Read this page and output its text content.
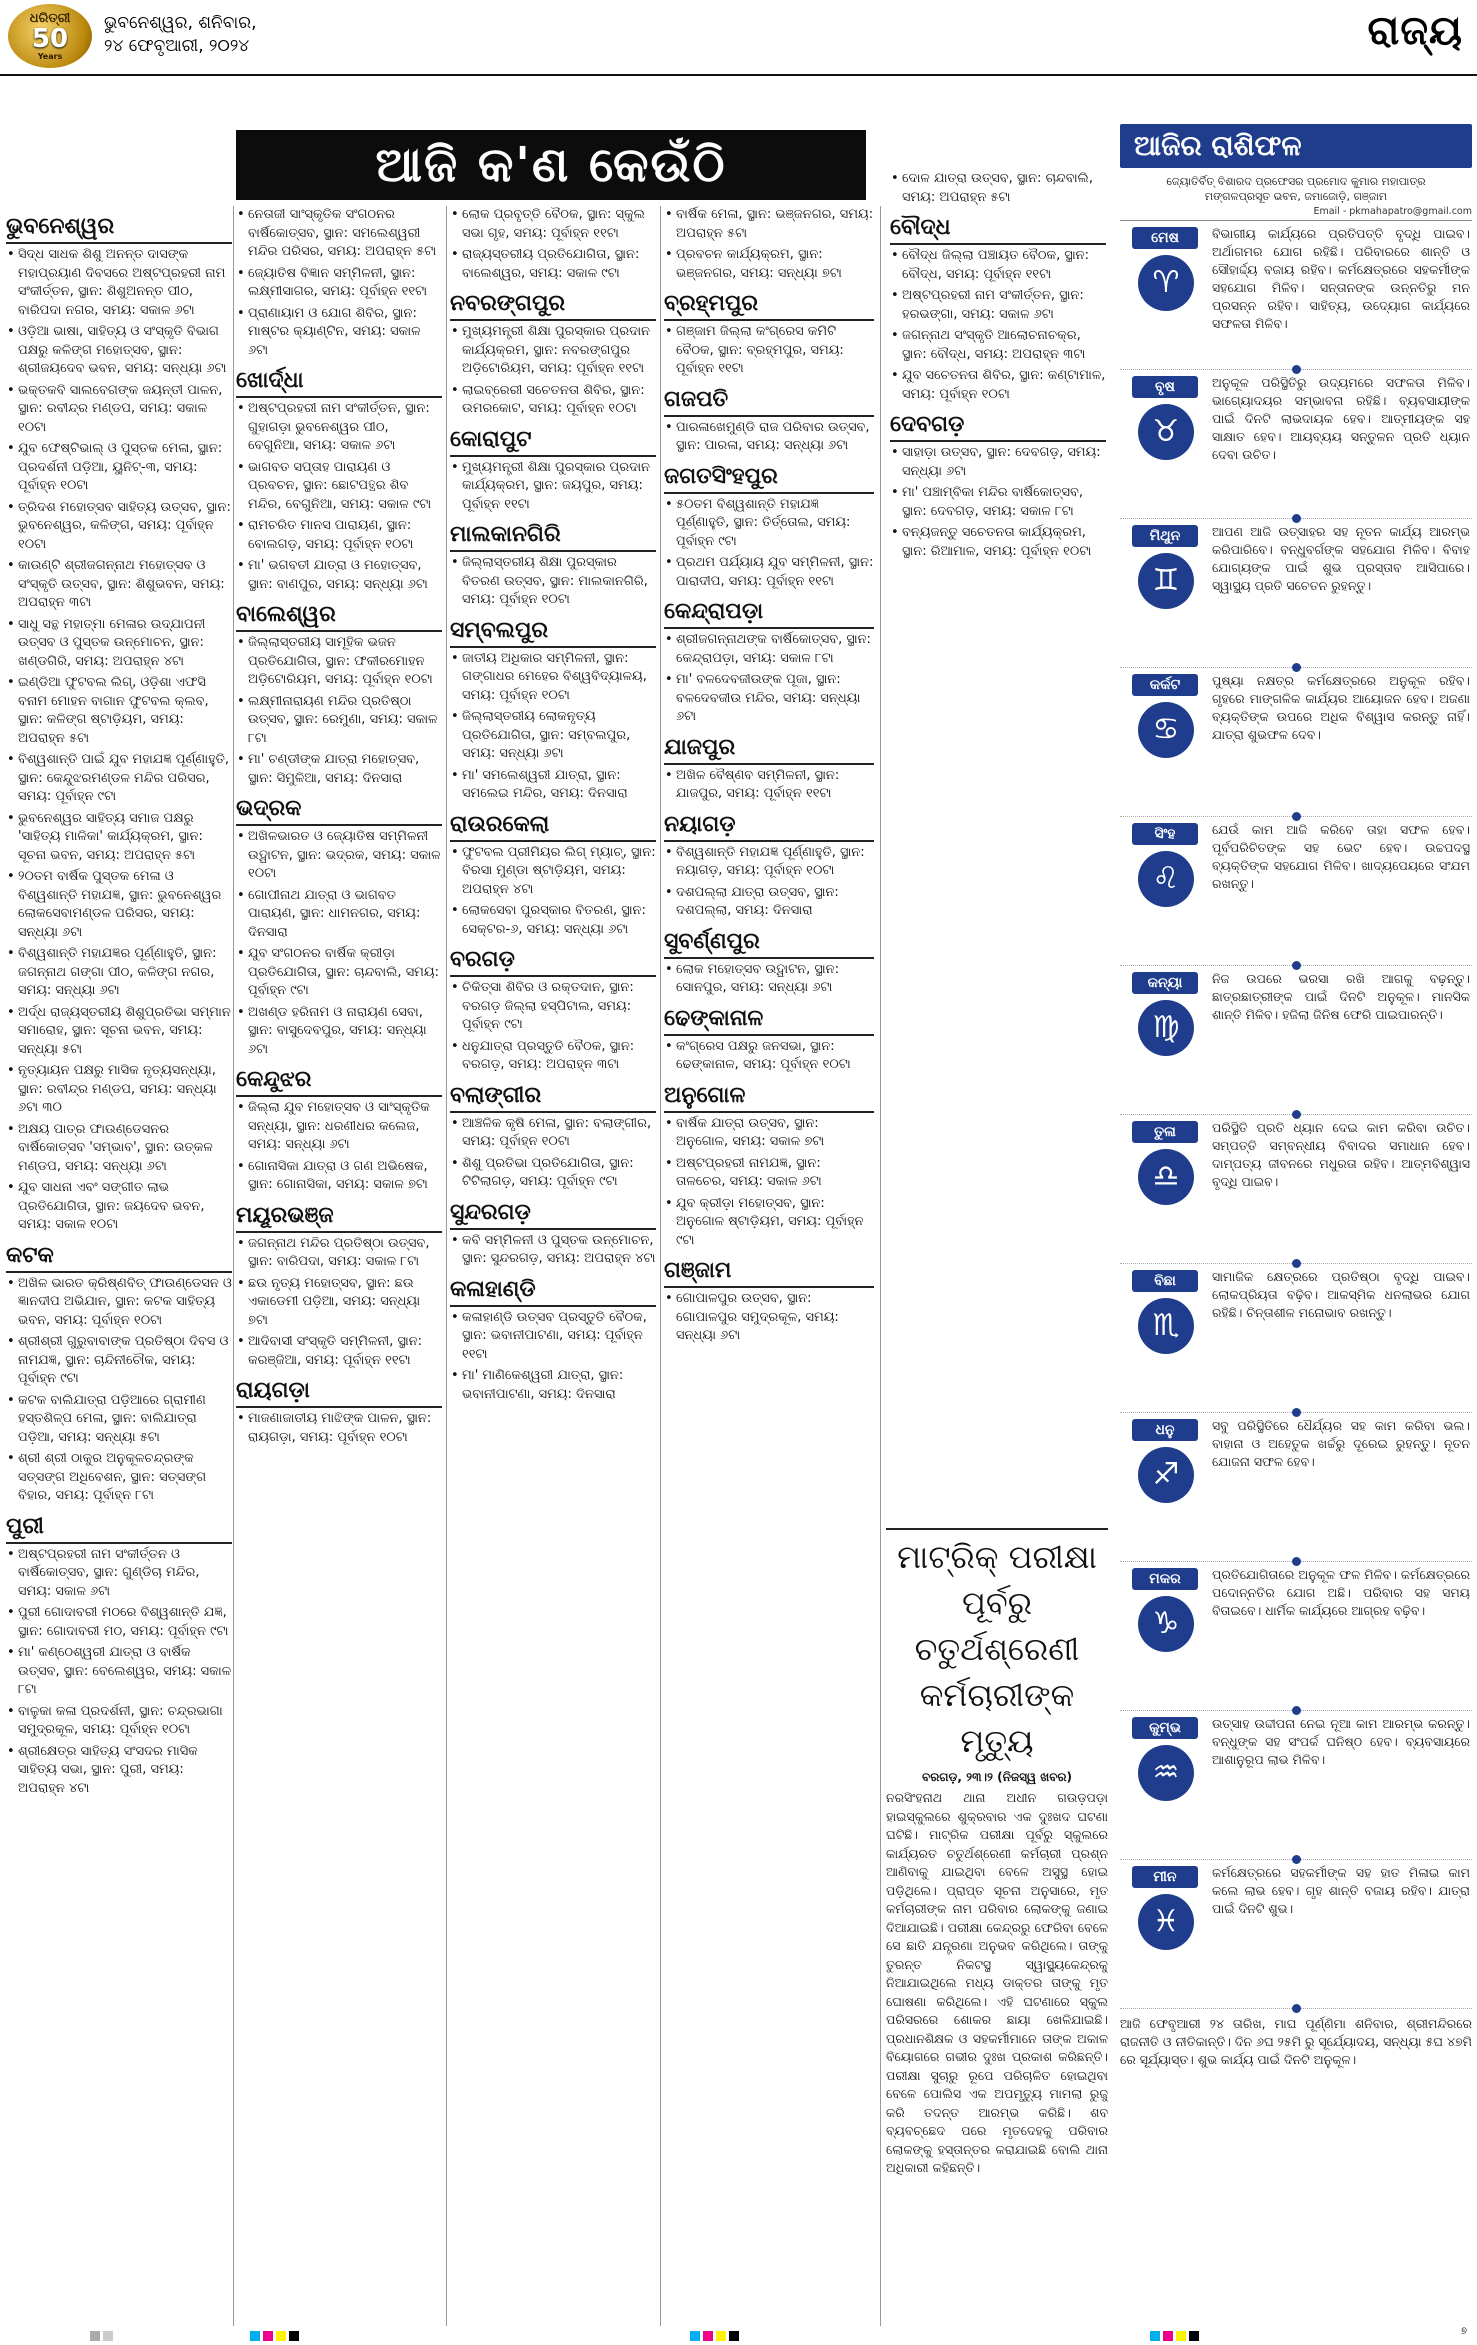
ଧରିତ୍ରୀ
50
Years
ଭୁବନେଶ୍ୱର, ଶନିବାର,
୨୪ ଫେବୃଆରୀ, ୨୦୨୪	ରାଜ୍ୟ
ଆଜି କ'ଣ କେଉଁଠି
ଭୁବନେଶ୍ୱର
• ସିଦ୍ଧ ସାଧକ ଶିଶୁ ଅନନ୍ତ ଦାସଙ୍କ ମହାପ୍ରୟାଣ ଦିବସରେ ଅଷ୍ଟପ୍ରହରୀ ନାମ ସଂକୀର୍ତ୍ତନ, ସ୍ଥାନ: ଶିଶୁଅନନ୍ତ ପୀଠ, ବାରିପଦା ନଗର, ସମୟ: ସକାଳ ୬ଟା
• ଓଡ଼ିଆ ଭାଷା, ସାହିତ୍ୟ ଓ ସଂସ୍କୃତି ବିଭାଗ ପକ୍ଷରୁ କଳିଙ୍ଗ ମହୋତ୍ସବ, ସ୍ଥାନ: ଶ୍ରୀଜୟଦେବ ଭବନ, ସମୟ: ସନ୍ଧ୍ୟା ୬ଟା
• ଭକ୍ତକବି ସାଲବେଗଙ୍କ ଜୟନ୍ତୀ ପାଳନ, ସ୍ଥାନ: ରବୀନ୍ଦ୍ର ମଣ୍ଡପ, ସମୟ: ସକାଳ ୧୦ଟା
• ଯୁବ ଫେଷ୍ଟିଭାଲ୍ ଓ ପୁସ୍ତକ ମେଳା, ସ୍ଥାନ: ପ୍ରଦର୍ଶନୀ ପଡ଼ିଆ, ୟୁନିଟ୍-୩, ସମୟ: ପୂର୍ବାହ୍ନ ୧୦ଟା
• ତ୍ରିଦଶ ମହୋତ୍ସବ ସାହିତ୍ୟ ଉତ୍ସବ, ସ୍ଥାନ: ଭୁବନେଶ୍ୱର, କଳିଙ୍ଗ, ସମୟ: ପୂର୍ବାହ୍ନ ୧୦ଟା
• କାଉଣ୍ଟି ଶ୍ରୀଜଗନ୍ନାଥ ମହୋତ୍ସବ ଓ ସଂସ୍କୃତି ଉତ୍ସବ, ସ୍ଥାନ: ଶିଶୁଭବନ, ସମୟ: ଅପରାହ୍ନ ୩ଟା
• ସାଧୁ ସନ୍ଥ ମହାତ୍ମା ମେଳାର ଉଦ୍ଯାପନୀ ଉତ୍ସବ ଓ ପୁସ୍ତକ ଉନ୍ମୋଚନ, ସ୍ଥାନ: ଖଣ୍ଡଗିରି, ସମୟ: ଅପରାହ୍ନ ୪ଟା
• ଇଣ୍ଡିଆ ଫୁଟବଲ ଲିଗ୍, ଓଡ଼ିଶା ଏଫସି ବନାମ ମୋହନ ବାଗାନ ଫୁଟବଲ କ୍ଲବ, ସ୍ଥାନ: କଳିଙ୍ଗ ଷ୍ଟାଡ଼ିୟମ, ସମୟ: ଅପରାହ୍ନ ୫ଟା
• ବିଶ୍ୱଶାନ୍ତି ପାଇଁ ଯୁବ ମହାଯଜ୍ଞ ପୂର୍ଣ୍ଣାହୁତି, ସ୍ଥାନ: କେନ୍ଦୁଝରମଣ୍ଡଳ ମନ୍ଦିର ପରିସର, ସମୟ: ପୂର୍ବାହ୍ନ ୯ଟା
• ଭୁବନେଶ୍ୱର ସାହିତ୍ୟ ସମାଜ ପକ୍ଷରୁ 'ସାହିତ୍ୟ ମାଳିକା' କାର୍ଯ୍ୟକ୍ରମ, ସ୍ଥାନ: ସୂଚନା ଭବନ, ସମୟ: ଅପରାହ୍ନ ୫ଟା
• ୨୦ତମ ବାର୍ଷିକ ପୁସ୍ତକ ମେଳା ଓ ବିଶ୍ୱଶାନ୍ତି ମହାଯଜ୍ଞ, ସ୍ଥାନ: ଭୁବନେଶ୍ୱର ଲୋକସେବାମଣ୍ଡଳ ପରିସର, ସମୟ: ସନ୍ଧ୍ୟା ୬ଟା
• ବିଶ୍ୱଶାନ୍ତି ମହାଯଜ୍ଞର ପୂର୍ଣ୍ଣାହୁତି, ସ୍ଥାନ: ଜଗନ୍ନାଥ ଗଙ୍ଗା ପୀଠ, କଳିଙ୍ଗ ନଗର, ସମୟ: ସନ୍ଧ୍ୟା ୬ଟା
• ଅର୍ଦ୍ଧ ରାଜ୍ୟସ୍ତରୀୟ ଶିଶୁପ୍ରତିଭା ସମ୍ମାନ ସମାରୋହ, ସ୍ଥାନ: ସୂଚନା ଭବନ, ସମୟ: ସନ୍ଧ୍ୟା ୫ଟା
• ନୃତ୍ୟାୟନ ପକ୍ଷରୁ ମାସିକ ନୃତ୍ୟସନ୍ଧ୍ୟା, ସ୍ଥାନ: ରବୀନ୍ଦ୍ର ମଣ୍ଡପ, ସମୟ: ସନ୍ଧ୍ୟା ୬ଟା ୩୦
• ଅକ୍ଷୟ ପାତ୍ର ଫାଉଣ୍ଡେସନର ବାର୍ଷିକୋତ୍ସବ 'ସମ୍ଭାବ', ସ୍ଥାନ: ଉତ୍କଳ ମଣ୍ଡପ, ସମୟ: ସନ୍ଧ୍ୟା ୬ଟା
• ଯୁବ ସାଧନା ଏବଂ ସଙ୍ଗୀତ ଲାଭ ପ୍ରତିଯୋଗିତା, ସ୍ଥାନ: ଜୟଦେବ ଭବନ, ସମୟ: ସକାଳ ୧୦ଟା
କଟକ
• ଅଖିଳ ଭାରତ କ୍ରିଷ୍ଣବିତ୍ ଫାଉଣ୍ଡେସନ ଓ ଜ୍ଞାନଦୀପ ଅଭିଯାନ, ସ୍ଥାନ: କଟକ ସାହିତ୍ୟ ଭବନ, ସମୟ: ପୂର୍ବାହ୍ନ ୧୦ଟା
• ଶ୍ରୀଶ୍ରୀ ଗୁରୁବାବାଙ୍କ ପ୍ରତିଷ୍ଠା ଦିବସ ଓ ନାମଯଜ୍ଞ, ସ୍ଥାନ: ଚାନ୍ଦିନୀଚୌକ, ସମୟ: ପୂର୍ବାହ୍ନ ୯ଟା
• କଟକ ବାଲିଯାତ୍ରା ପଡ଼ିଆରେ ଗ୍ରାମୀଣ ହସ୍ତଶିଳ୍ପ ମେଳା, ସ୍ଥାନ: ବାଲିଯାତ୍ରା ପଡ଼ିଆ, ସମୟ: ସନ୍ଧ୍ୟା ୫ଟା
• ଶ୍ରୀ ଶ୍ରୀ ଠାକୁର ଅନୁକୂଳଚନ୍ଦ୍ରଙ୍କ ସତ୍ସଙ୍ଗ ଅଧିବେଶନ, ସ୍ଥାନ: ସତ୍ସଙ୍ଗ ବିହାର, ସମୟ: ପୂର୍ବାହ୍ନ ୮ଟା
ପୁରୀ
• ଅଷ୍ଟପ୍ରହରୀ ନାମ ସଂକୀର୍ତ୍ତନ ଓ ବାର୍ଷିକୋତ୍ସବ, ସ୍ଥାନ: ଗୁଣ୍ଡିଚା ମନ୍ଦିର, ସମୟ: ସକାଳ ୬ଟା
• ପୁରୀ ଗୋଦାବରୀ ମଠରେ ବିଶ୍ୱଶାନ୍ତି ଯଜ୍ଞ, ସ୍ଥାନ: ଗୋଦାବରୀ ମଠ, ସମୟ: ପୂର୍ବାହ୍ନ ୯ଟା
• ମା' କଣ୍ଠେଶ୍ୱରୀ ଯାତ୍ରା ଓ ବାର୍ଷିକ ଉତ୍ସବ, ସ୍ଥାନ: ବେଲେଶ୍ୱର, ସମୟ: ସକାଳ ୮ଟା
• ବାଳୁକା କଳା ପ୍ରଦର୍ଶନୀ, ସ୍ଥାନ: ଚନ୍ଦ୍ରଭାଗା ସମୁଦ୍ରକୂଳ, ସମୟ: ପୂର୍ବାହ୍ନ ୧୦ଟା
• ଶ୍ରୀକ୍ଷେତ୍ର ସାହିତ୍ୟ ସଂସଦର ମାସିକ ସାହିତ୍ୟ ସଭା, ସ୍ଥାନ: ପୁରୀ, ସମୟ: ଅପରାହ୍ନ ୪ଟା
• ନେତାଜୀ ସାଂସ୍କୃତିକ ସଂଗଠନର ବାର୍ଷିକୋତ୍ସବ, ସ୍ଥାନ: ସମଲେଶ୍ୱରୀ ମନ୍ଦିର ପରିସର, ସମୟ: ଅପରାହ୍ନ ୫ଟା
• ଜ୍ୟୋତିଷ ବିଜ୍ଞାନ ସମ୍ମିଳନୀ, ସ୍ଥାନ: ଲକ୍ଷ୍ମୀସାଗର, ସମୟ: ପୂର୍ବାହ୍ନ ୧୧ଟା
• ପ୍ରାଣାୟାମ ଓ ଯୋଗ ଶିବିର, ସ୍ଥାନ: ମାଷ୍ଟର କ୍ୟାଣ୍ଟିନ, ସମୟ: ସକାଳ ୬ଟା
ଖୋର୍ଦ୍ଧା
• ଅଷ୍ଟପ୍ରହରୀ ନାମ ସଂକୀର୍ତ୍ତନ, ସ୍ଥାନ: ଗୁହାଗଡ଼ା ଭୁବନେଶ୍ୱର ପୀଠ, ବେଗୁନିଆ, ସମୟ: ସକାଳ ୬ଟା
• ଭାଗବତ ସପ୍ତାହ ପାରାୟଣ ଓ ପ୍ରବଚନ, ସ୍ଥାନ: ଛୋଟପତ୍ଥର ଶିବ ମନ୍ଦିର, ବେଗୁନିଆ, ସମୟ: ସକାଳ ୯ଟା
• ରାମଚରିତ ମାନସ ପାରାୟଣ, ସ୍ଥାନ: ବୋଲଗଡ଼, ସମୟ: ପୂର୍ବାହ୍ନ ୧୦ଟା
• ମା' ଭଗବତୀ ଯାତ୍ରା ଓ ମହୋତ୍ସବ, ସ୍ଥାନ: ବାଣପୁର, ସମୟ: ସନ୍ଧ୍ୟା ୬ଟା
ବାଲେଶ୍ୱର
• ଜିଲ୍ଲାସ୍ତରୀୟ ସାମୂହିକ ଭଜନ ପ୍ରତିଯୋଗିତା, ସ୍ଥାନ: ଫକୀରମୋହନ ଅଡ଼ିଟୋରିୟମ, ସମୟ: ପୂର୍ବାହ୍ନ ୧୦ଟା
• ଲକ୍ଷ୍ମୀନାରାୟଣ ମନ୍ଦିର ପ୍ରତିଷ୍ଠା ଉତ୍ସବ, ସ୍ଥାନ: ରେମୁଣା, ସମୟ: ସକାଳ ୮ଟା
• ମା' ଚଣ୍ଡୀଙ୍କ ଯାତ୍ରା ମହୋତ୍ସବ, ସ୍ଥାନ: ସିମୁଳିଆ, ସମୟ: ଦିନସାରା
ଭଦ୍ରକ
• ଅଖିଳଭାରତ ଓ ଜ୍ୟୋତିଷ ସମ୍ମିଳନୀ ଉଦ୍ଘାଟନ, ସ୍ଥାନ: ଭଦ୍ରକ, ସମୟ: ସକାଳ ୧୦ଟା
• ଗୋପୀନାଥ ଯାତ୍ରା ଓ ଭାଗବତ ପାରାୟଣ, ସ୍ଥାନ: ଧାମନଗର, ସମୟ: ଦିନସାରା
• ଯୁବ ସଂଗଠନର ବାର୍ଷିକ କ୍ରୀଡ଼ା ପ୍ରତିଯୋଗିତା, ସ୍ଥାନ: ଚାନ୍ଦବାଲି, ସମୟ: ପୂର୍ବାହ୍ନ ୯ଟା
• ଅଖଣ୍ଡ ହରିନାମ ଓ ନାରାୟଣ ସେବା, ସ୍ଥାନ: ବାସୁଦେବପୁର, ସମୟ: ସନ୍ଧ୍ୟା ୬ଟା
କେନ୍ଦୁଝର
• ଜିଲ୍ଲା ଯୁବ ମହୋତ୍ସବ ଓ ସାଂସ୍କୃତିକ ସନ୍ଧ୍ୟା, ସ୍ଥାନ: ଧରଣୀଧର କଲେଜ, ସମୟ: ସନ୍ଧ୍ୟା ୬ଟା
• ଗୋନାସିକା ଯାତ୍ରା ଓ ଗଣ ଅଭିଷେକ, ସ୍ଥାନ: ଗୋନାସିକା, ସମୟ: ସକାଳ ୭ଟା
ମୟୂରଭଞ୍ଜ
• ଜଗନ୍ନାଥ ମନ୍ଦିର ପ୍ରତିଷ୍ଠା ଉତ୍ସବ, ସ୍ଥାନ: ବାରିପଦା, ସମୟ: ସକାଳ ୮ଟା
• ଛଉ ନୃତ୍ୟ ମହୋତ୍ସବ, ସ୍ଥାନ: ଛଉ ଏକାଡେମୀ ପଡ଼ିଆ, ସମୟ: ସନ୍ଧ୍ୟା ୭ଟା
• ଆଦିବାସୀ ସଂସ୍କୃତି ସମ୍ମିଳନୀ, ସ୍ଥାନ: କରଞ୍ଜିଆ, ସମୟ: ପୂର୍ବାହ୍ନ ୧୧ଟା
ରାୟଗଡ଼ା
• ମାଜଣାଜାତୀୟ ମାଝିଙ୍କ ପାଳନ, ସ୍ଥାନ: ରାୟଗଡ଼ା, ସମୟ: ପୂର୍ବାହ୍ନ ୧୦ଟା
• ଲୋକ ପ୍ରବୃତ୍ତି ବୈଠକ, ସ୍ଥାନ: ସ୍କୁଲ ସଭା ଗୃହ, ସମୟ: ପୂର୍ବାହ୍ନ ୧୧ଟା
• ରାଜ୍ୟସ୍ତରୀୟ ପ୍ରତିଯୋଗିତା, ସ୍ଥାନ: ବାଲେଶ୍ୱର, ସମୟ: ସକାଳ ୯ଟା
ନବରଙ୍ଗପୁର
• ମୁଖ୍ୟମନ୍ତ୍ରୀ ଶିକ୍ଷା ପୁରସ୍କାର ପ୍ରଦାନ କାର୍ଯ୍ୟକ୍ରମ, ସ୍ଥାନ: ନବରଙ୍ଗପୁର ଅଡ଼ିଟୋରିୟମ, ସମୟ: ପୂର୍ବାହ୍ନ ୧୧ଟା
• ଲାଇବ୍ରେରୀ ସଚେତନତା ଶିବିର, ସ୍ଥାନ: ଉମରକୋଟ, ସମୟ: ପୂର୍ବାହ୍ନ ୧୦ଟା
କୋରାପୁଟ
• ମୁଖ୍ୟମନ୍ତ୍ରୀ ଶିକ୍ଷା ପୁରସ୍କାର ପ୍ରଦାନ କାର୍ଯ୍ୟକ୍ରମ, ସ୍ଥାନ: ଜୟପୁର, ସମୟ: ପୂର୍ବାହ୍ନ ୧୧ଟା
ମାଲକାନଗିରି
• ଜିଲ୍ଲାସ୍ତରୀୟ ଶିକ୍ଷା ପୁରସ୍କାର ବିତରଣ ଉତ୍ସବ, ସ୍ଥାନ: ମାଲକାନଗିରି, ସମୟ: ପୂର୍ବାହ୍ନ ୧୦ଟା
ସମ୍ବଲପୁର
• ଜାତୀୟ ଅଧିକାର ସମ୍ମିଳନୀ, ସ୍ଥାନ: ଗଙ୍ଗାଧର ମେହେର ବିଶ୍ୱବିଦ୍ୟାଳୟ, ସମୟ: ପୂର୍ବାହ୍ନ ୧୦ଟା
• ଜିଲ୍ଲାସ୍ତରୀୟ ଲୋକନୃତ୍ୟ ପ୍ରତିଯୋଗିତା, ସ୍ଥାନ: ସମ୍ବଲପୁର, ସମୟ: ସନ୍ଧ୍ୟା ୬ଟା
• ମା' ସମଲେଶ୍ୱରୀ ଯାତ୍ରା, ସ୍ଥାନ: ସମଲେଇ ମନ୍ଦିର, ସମୟ: ଦିନସାରା
ରାଉରକେଲା
• ଫୁଟବଲ ପ୍ରୀମିୟର ଲିଗ୍ ମ୍ୟାଚ୍, ସ୍ଥାନ: ବିରସା ମୁଣ୍ଡା ଷ୍ଟାଡ଼ିୟମ, ସମୟ: ଅପରାହ୍ନ ୪ଟା
• ଲୋକସେବା ପୁରସ୍କାର ବିତରଣ, ସ୍ଥାନ: ସେକ୍ଟର-୬, ସମୟ: ସନ୍ଧ୍ୟା ୬ଟା
ବରଗଡ଼
• ଚିକିତ୍ସା ଶିବିର ଓ ରକ୍ତଦାନ, ସ୍ଥାନ: ବରଗଡ଼ ଜିଲ୍ଲା ହସ୍ପିଟାଲ, ସମୟ: ପୂର୍ବାହ୍ନ ୯ଟା
• ଧନୁଯାତ୍ରା ପ୍ରସ୍ତୁତି ବୈଠକ, ସ୍ଥାନ: ବରଗଡ଼, ସମୟ: ଅପରାହ୍ନ ୩ଟା
ବଲାଙ୍ଗୀର
• ଆଞ୍ଚଳିକ କୃଷି ମେଳା, ସ୍ଥାନ: ବଲାଙ୍ଗୀର, ସମୟ: ପୂର୍ବାହ୍ନ ୧୦ଟା
• ଶିଶୁ ପ୍ରତିଭା ପ୍ରତିଯୋଗିତା, ସ୍ଥାନ: ଟିଟିଲାଗଡ଼, ସମୟ: ପୂର୍ବାହ୍ନ ୯ଟା
ସୁନ୍ଦରଗଡ଼
• କବି ସମ୍ମିଳନୀ ଓ ପୁସ୍ତକ ଉନ୍ମୋଚନ, ସ୍ଥାନ: ସୁନ୍ଦରଗଡ଼, ସମୟ: ଅପରାହ୍ନ ୪ଟା
କଳାହାଣ୍ଡି
• କଳାହାଣ୍ଡି ଉତ୍ସବ ପ୍ରସ୍ତୁତି ବୈଠକ, ସ୍ଥାନ: ଭବାନୀପାଟଣା, ସମୟ: ପୂର୍ବାହ୍ନ ୧୧ଟା
• ମା' ମାଣିକେଶ୍ୱରୀ ଯାତ୍ରା, ସ୍ଥାନ: ଭବାନୀପାଟଣା, ସମୟ: ଦିନସାରା
• ବାର୍ଷିକ ମେଳା, ସ୍ଥାନ: ଭଞ୍ଜନଗର, ସମୟ: ଅପରାହ୍ନ ୫ଟା
• ପ୍ରବଚନ କାର୍ଯ୍ୟକ୍ରମ, ସ୍ଥାନ: ଭଞ୍ଜନଗର, ସମୟ: ସନ୍ଧ୍ୟା ୭ଟା
ବ୍ରହ୍ମପୁର
• ଗଞ୍ଜାମ ଜିଲ୍ଲା କଂଗ୍ରେସ କମିଟି ବୈଠକ, ସ୍ଥାନ: ବ୍ରହ୍ମପୁର, ସମୟ: ପୂର୍ବାହ୍ନ ୧୧ଟା
ଗଜପତି
• ପାରଳାଖେମୁଣ୍ଡି ରାଜ ପରିବାର ଉତ୍ସବ, ସ୍ଥାନ: ପାରଳା, ସମୟ: ସନ୍ଧ୍ୟା ୬ଟା
ଜଗତସିଂହପୁର
• ୫୦ତମ ବିଶ୍ୱଶାନ୍ତି ମହାଯଜ୍ଞ ପୂର୍ଣ୍ଣାହୁତି, ସ୍ଥାନ: ତିର୍ତ୍ତୋଲ, ସମୟ: ପୂର୍ବାହ୍ନ ୯ଟା
• ପ୍ରଥମ ପର୍ଯ୍ୟାୟ ଯୁବ ସମ୍ମିଳନୀ, ସ୍ଥାନ: ପାରାଦୀପ, ସମୟ: ପୂର୍ବାହ୍ନ ୧୧ଟା
କେନ୍ଦ୍ରାପଡ଼ା
• ଶ୍ରୀଜଗନ୍ନାଥଙ୍କ ବାର୍ଷିକୋତ୍ସବ, ସ୍ଥାନ: କେନ୍ଦ୍ରାପଡ଼ା, ସମୟ: ସକାଳ ୮ଟା
• ମା' ବଳଦେବଜୀଉଙ୍କ ପୂଜା, ସ୍ଥାନ: ବଳଦେବଜୀଉ ମନ୍ଦିର, ସମୟ: ସନ୍ଧ୍ୟା ୬ଟା
ଯାଜପୁର
• ଅଖିଳ ବୈଷ୍ଣବ ସମ୍ମିଳନୀ, ସ୍ଥାନ: ଯାଜପୁର, ସମୟ: ପୂର୍ବାହ୍ନ ୧୧ଟା
ନୟାଗଡ଼
• ବିଶ୍ୱଶାନ୍ତି ମହାଯଜ୍ଞ ପୂର୍ଣ୍ଣାହୁତି, ସ୍ଥାନ: ନୟାଗଡ଼, ସମୟ: ପୂର୍ବାହ୍ନ ୧୦ଟା
• ଦଶପଲ୍ଲା ଯାତ୍ରା ଉତ୍ସବ, ସ୍ଥାନ: ଦଶପଲ୍ଲା, ସମୟ: ଦିନସାରା
ସୁବର୍ଣ୍ଣପୁର
• ଲୋକ ମହୋତ୍ସବ ଉଦ୍ଘାଟନ, ସ୍ଥାନ: ସୋନପୁର, ସମୟ: ସନ୍ଧ୍ୟା ୬ଟା
ଢେଙ୍କାନାଳ
• କଂଗ୍ରେସ ପକ୍ଷରୁ ଜନସଭା, ସ୍ଥାନ: ଢେଙ୍କାନାଳ, ସମୟ: ପୂର୍ବାହ୍ନ ୧୦ଟା
ଅନୁଗୋଳ
• ବାର୍ଷିକ ଯାତ୍ରା ଉତ୍ସବ, ସ୍ଥାନ: ଅନୁଗୋଳ, ସମୟ: ସକାଳ ୭ଟା
• ଅଷ୍ଟପ୍ରହରୀ ନାମଯଜ୍ଞ, ସ୍ଥାନ: ତାଳଚେର, ସମୟ: ସକାଳ ୬ଟା
• ଯୁବ କ୍ରୀଡ଼ା ମହୋତ୍ସବ, ସ୍ଥାନ: ଅନୁଗୋଳ ଷ୍ଟାଡ଼ିୟମ, ସମୟ: ପୂର୍ବାହ୍ନ ୯ଟା
ଗଞ୍ଜାମ
• ଗୋପାଳପୁର ଉତ୍ସବ, ସ୍ଥାନ: ଗୋପାଳପୁର ସମୁଦ୍ରକୂଳ, ସମୟ: ସନ୍ଧ୍ୟା ୬ଟା
• ଦୋଳ ଯାତ୍ରା ଉତ୍ସବ, ସ୍ଥାନ: ଚାନ୍ଦବାଲି, ସମୟ: ଅପରାହ୍ନ ୫ଟା
ବୌଦ୍ଧ
• ବୌଦ୍ଧ ଜିଲ୍ଲା ପଞ୍ଚାୟତ ବୈଠକ, ସ୍ଥାନ: ବୌଦ୍ଧ, ସମୟ: ପୂର୍ବାହ୍ନ ୧୧ଟା
• ଅଷ୍ଟପ୍ରହରୀ ନାମ ସଂକୀର୍ତ୍ତନ, ସ୍ଥାନ: ହରଭଙ୍ଗା, ସମୟ: ସକାଳ ୬ଟା
• ଜଗନ୍ନାଥ ସଂସ୍କୃତି ଆଲୋଚନାଚକ୍ର, ସ୍ଥାନ: ବୌଦ୍ଧ, ସମୟ: ଅପରାହ୍ନ ୩ଟା
• ଯୁବ ସଚେତନତା ଶିବିର, ସ୍ଥାନ: କଣ୍ଟାମାଳ, ସମୟ: ପୂର୍ବାହ୍ନ ୧୦ଟା
ଦେବଗଡ଼
• ସାହାଡ଼ା ଉତ୍ସବ, ସ୍ଥାନ: ଦେବଗଡ଼, ସମୟ: ସନ୍ଧ୍ୟା ୬ଟା
• ମା' ପଞ୍ଚାମ୍ବିକା ମନ୍ଦିର ବାର୍ଷିକୋତ୍ସବ, ସ୍ଥାନ: ଦେବଗଡ଼, ସମୟ: ସକାଳ ୮ଟା
• ବନ୍ୟଜନ୍ତୁ ସଚେତନତା କାର୍ଯ୍ୟକ୍ରମ, ସ୍ଥାନ: ରିଆମାଳ, ସମୟ: ପୂର୍ବାହ୍ନ ୧୦ଟା
ମାଟ୍ରିକ୍ ପରୀକ୍ଷା ପୂର୍ବରୁ ଚତୁର୍ଥଶ୍ରେଣୀ କର୍ମଚାରୀଙ୍କ ମୃତ୍ୟୁ
ବରଗଡ଼, ୨୩।୨ (ନିଜସ୍ୱ ଖବର)
ନରସିଂହନାଥ ଥାନା ଅଧୀନ ଗଉଡ଼ପଡ଼ା ହାଇସ୍କୁଲରେ ଶୁକ୍ରବାର ଏକ ଦୁଃଖଦ ଘଟଣା ଘଟିଛି। ମାଟ୍ରିକ ପରୀକ୍ଷା ପୂର୍ବରୁ ସ୍କୁଲରେ କାର୍ଯ୍ୟରତ ଚତୁର୍ଥଶ୍ରେଣୀ କର୍ମଚାରୀ ପ୍ରଶ୍ନ ଆଣିବାକୁ ଯାଇଥିବା ବେଳେ ଅସୁସ୍ଥ ହୋଇ ପଡ଼ିଥିଲେ। ପ୍ରାପ୍ତ ସୂଚନା ଅନୁସାରେ, ମୃତ କର୍ମଚାରୀଙ୍କ ନାମ ପରିବାର ଲୋକଙ୍କୁ ଜଣାଇ ଦିଆଯାଇଛି। ପରୀକ୍ଷା କେନ୍ଦ୍ରରୁ ଫେରିବା ବେଳେ ସେ ଛାତି ଯନ୍ତ୍ରଣା ଅନୁଭବ କରିଥିଲେ। ତାଙ୍କୁ ତୁରନ୍ତ ନିକଟସ୍ଥ ସ୍ୱାସ୍ଥ୍ୟକେନ୍ଦ୍ରକୁ ନିଆଯାଇଥିଲେ ମଧ୍ୟ ଡାକ୍ତର ତାଙ୍କୁ ମୃତ ଘୋଷଣା କରିଥିଲେ। ଏହି ଘଟଣାରେ ସ୍କୁଲ ପରିସରରେ ଶୋକର ଛାୟା ଖେଳିଯାଇଛି। ପ୍ରଧାନଶିକ୍ଷକ ଓ ସହକର୍ମୀମାନେ ତାଙ୍କ ଅକାଳ ବିୟୋଗରେ ଗଭୀର ଦୁଃଖ ପ୍ରକାଶ କରିଛନ୍ତି। ପରୀକ୍ଷା ସୁଚାରୁ ରୂପେ ପରିଚାଳିତ ହୋଇଥିବା ବେଳେ ପୋଲିସ ଏକ ଅପମୃତ୍ୟୁ ମାମଲା ରୁଜୁ କରି ତଦନ୍ତ ଆରମ୍ଭ କରିଛି। ଶବ ବ୍ୟବଚ୍ଛେଦ ପରେ ମୃତଦେହକୁ ପରିବାର ଲୋକଙ୍କୁ ହସ୍ତାନ୍ତର କରାଯାଇଛି ବୋଲି ଥାନା ଅଧିକାରୀ କହିଛନ୍ତି।
ଆଜିର ରାଶିଫଳ
ଜ୍ୟୋତିର୍ବିତ୍ ବିଶାରଦ ପ୍ରଫେସର ପ୍ରମୋଦ କୁମାର ମହାପାତ୍ର
ମଙ୍ଗଳପ୍ରସୂତ ଭବନ, ଜମାଜୋଡ଼ି, ଗଞ୍ଜାମ
Email - pkmahapatro@gmail.com
ମେଷ
♈
ବିଭାଗୀୟ କାର୍ଯ୍ୟରେ ପ୍ରତିପତ୍ତି ବୃଦ୍ଧି ପାଇବ। ଅର୍ଥାଗମର ଯୋଗ ରହିଛି। ପରିବାରରେ ଶାନ୍ତି ଓ ସୌହାର୍ଦ୍ଦ୍ୟ ବଜାୟ ରହିବ। କର୍ମକ୍ଷେତ୍ରରେ ସହକର୍ମୀଙ୍କ ସହଯୋଗ ମିଳିବ। ସନ୍ତାନଙ୍କ ଉନ୍ନତିରୁ ମନ ପ୍ରସନ୍ନ ରହିବ। ସାହିତ୍ୟ, ଉଦ୍ୟୋଗ କାର୍ଯ୍ୟରେ ସଫଳତା ମିଳିବ।
ବୃଷ
♉
ଅନୁକୂଳ ପରିସ୍ଥିତିରୁ ଉଦ୍ୟମରେ ସଫଳତା ମିଳିବ। ଭାଗ୍ୟୋଦୟର ସମ୍ଭାବନା ରହିଛି। ବ୍ୟବସାୟୀଙ୍କ ପାଇଁ ଦିନଟି ଲାଭଦାୟକ ହେବ। ଆତ୍ମୀୟଙ୍କ ସହ ସାକ୍ଷାତ ହେବ। ଆୟବ୍ୟୟ ସନ୍ତୁଳନ ପ୍ରତି ଧ୍ୟାନ ଦେବା ଉଚିତ।
ମିଥୁନ
♊
ଆପଣ ଆଜି ଉତ୍ସାହର ସହ ନୂତନ କାର୍ଯ୍ୟ ଆରମ୍ଭ କରିପାରିବେ। ବନ୍ଧୁବର୍ଗଙ୍କ ସହଯୋଗ ମିଳିବ। ବିବାହ ଯୋଗ୍ୟଙ୍କ ପାଇଁ ଶୁଭ ପ୍ରସ୍ତାବ ଆସିପାରେ। ସ୍ୱାସ୍ଥ୍ୟ ପ୍ରତି ସଚେତନ ରୁହନ୍ତୁ।
କର୍କଟ
♋
ପୁଷ୍ୟା ନକ୍ଷତ୍ର କର୍ମକ୍ଷେତ୍ରରେ ଅନୁକୂଳ ରହିବ। ଗୃହରେ ମାଙ୍ଗଳିକ କାର୍ଯ୍ୟର ଆୟୋଜନ ହେବ। ଅଜଣା ବ୍ୟକ୍ତିଙ୍କ ଉପରେ ଅଧିକ ବିଶ୍ୱାସ କରନ୍ତୁ ନାହିଁ। ଯାତ୍ରା ଶୁଭଫଳ ଦେବ।
ସିଂହ
♌
ଯେଉଁ କାମ ଆଜି କରିବେ ତାହା ସଫଳ ହେବ। ପୂର୍ବପରିଚିତଙ୍କ ସହ ଭେଟ ହେବ। ଉଚ୍ଚପଦସ୍ଥ ବ୍ୟକ୍ତିଙ୍କ ସହଯୋଗ ମିଳିବ। ଖାଦ୍ୟପେୟରେ ସଂଯମ ରଖନ୍ତୁ।
କନ୍ୟା
♍
ନିଜ ଉପରେ ଭରସା ରଖି ଆଗକୁ ବଢ଼ନ୍ତୁ। ଛାତ୍ରଛାତ୍ରୀଙ୍କ ପାଇଁ ଦିନଟି ଅନୁକୂଳ। ମାନସିକ ଶାନ୍ତି ମିଳିବ। ହଜିଲା ଜିନିଷ ଫେରି ପାଇପାରନ୍ତି।
ତୁଳା
♎
ପରିସ୍ଥିତି ପ୍ରତି ଧ୍ୟାନ ଦେଇ କାମ କରିବା ଉଚିତ। ସମ୍ପତ୍ତି ସମ୍ବନ୍ଧୀୟ ବିବାଦର ସମାଧାନ ହେବ। ଦାମ୍ପତ୍ୟ ଜୀବନରେ ମଧୁରତା ରହିବ। ଆତ୍ମବିଶ୍ୱାସ ବୃଦ୍ଧି ପାଇବ।
ବିଛା
♏
ସାମାଜିକ କ୍ଷେତ୍ରରେ ପ୍ରତିଷ୍ଠା ବୃଦ୍ଧି ପାଇବ। ଲୋକପ୍ରିୟତା ବଢ଼ିବ। ଆକସ୍ମିକ ଧନଲାଭର ଯୋଗ ରହିଛି। ଚିନ୍ତାଶୀଳ ମନୋଭାବ ରଖନ୍ତୁ।
ଧନୁ
♐
ସବୁ ପରିସ୍ଥିତିରେ ଧୈର୍ଯ୍ୟର ସହ କାମ କରିବା ଭଲ। ବାହାନା ଓ ଅହେତୁକ ଖର୍ଚ୍ଚରୁ ଦୂରେଇ ରୁହନ୍ତୁ। ନୂତନ ଯୋଜନା ସଫଳ ହେବ।
ମକର
♑
ପ୍ରତିଯୋଗିତାରେ ଅନୁକୂଳ ଫଳ ମିଳିବ। କର୍ମକ୍ଷେତ୍ରରେ ପଦୋନ୍ନତିର ଯୋଗ ଅଛି। ପରିବାର ସହ ସମୟ ବିତାଇବେ। ଧାର୍ମିକ କାର୍ଯ୍ୟରେ ଆଗ୍ରହ ବଢ଼ିବ।
କୁମ୍ଭ
♒
ଉତ୍ସାହ ଉଦ୍ଦୀପନା ନେଇ ନୂଆ କାମ ଆରମ୍ଭ କରନ୍ତୁ। ବନ୍ଧୁଙ୍କ ସହ ସଂପର୍କ ଘନିଷ୍ଠ ହେବ। ବ୍ୟବସାୟରେ ଆଶାନୁରୂପ ଲାଭ ମିଳିବ।
ମୀନ
♓
କର୍ମକ୍ଷେତ୍ରରେ ସହକର୍ମୀଙ୍କ ସହ ହାତ ମିଳାଇ କାମ କଲେ ଲାଭ ହେବ। ଗୃହ ଶାନ୍ତି ବଜାୟ ରହିବ। ଯାତ୍ରା ପାଇଁ ଦିନଟି ଶୁଭ।
ଆଜି ଫେବୃଆରୀ ୨୪ ତାରିଖ, ମାଘ ପୂର୍ଣ୍ଣିମା ଶନିବାର, ଶ୍ରୀମନ୍ଦିରରେ ରାଜନୀତି ଓ ନୀତିକାନ୍ତି। ଦିନ ୬ଘ ୨୫ମି ରୁ ସୂର୍ଯ୍ୟୋଦୟ, ସନ୍ଧ୍ୟା ୫ଘ ୪୭ମି ରେ ସୂର୍ଯ୍ୟାସ୍ତ। ଶୁଭ କାର୍ଯ୍ୟ ପାଇଁ ଦିନଟି ଅନୁକୂଳ।
୭
